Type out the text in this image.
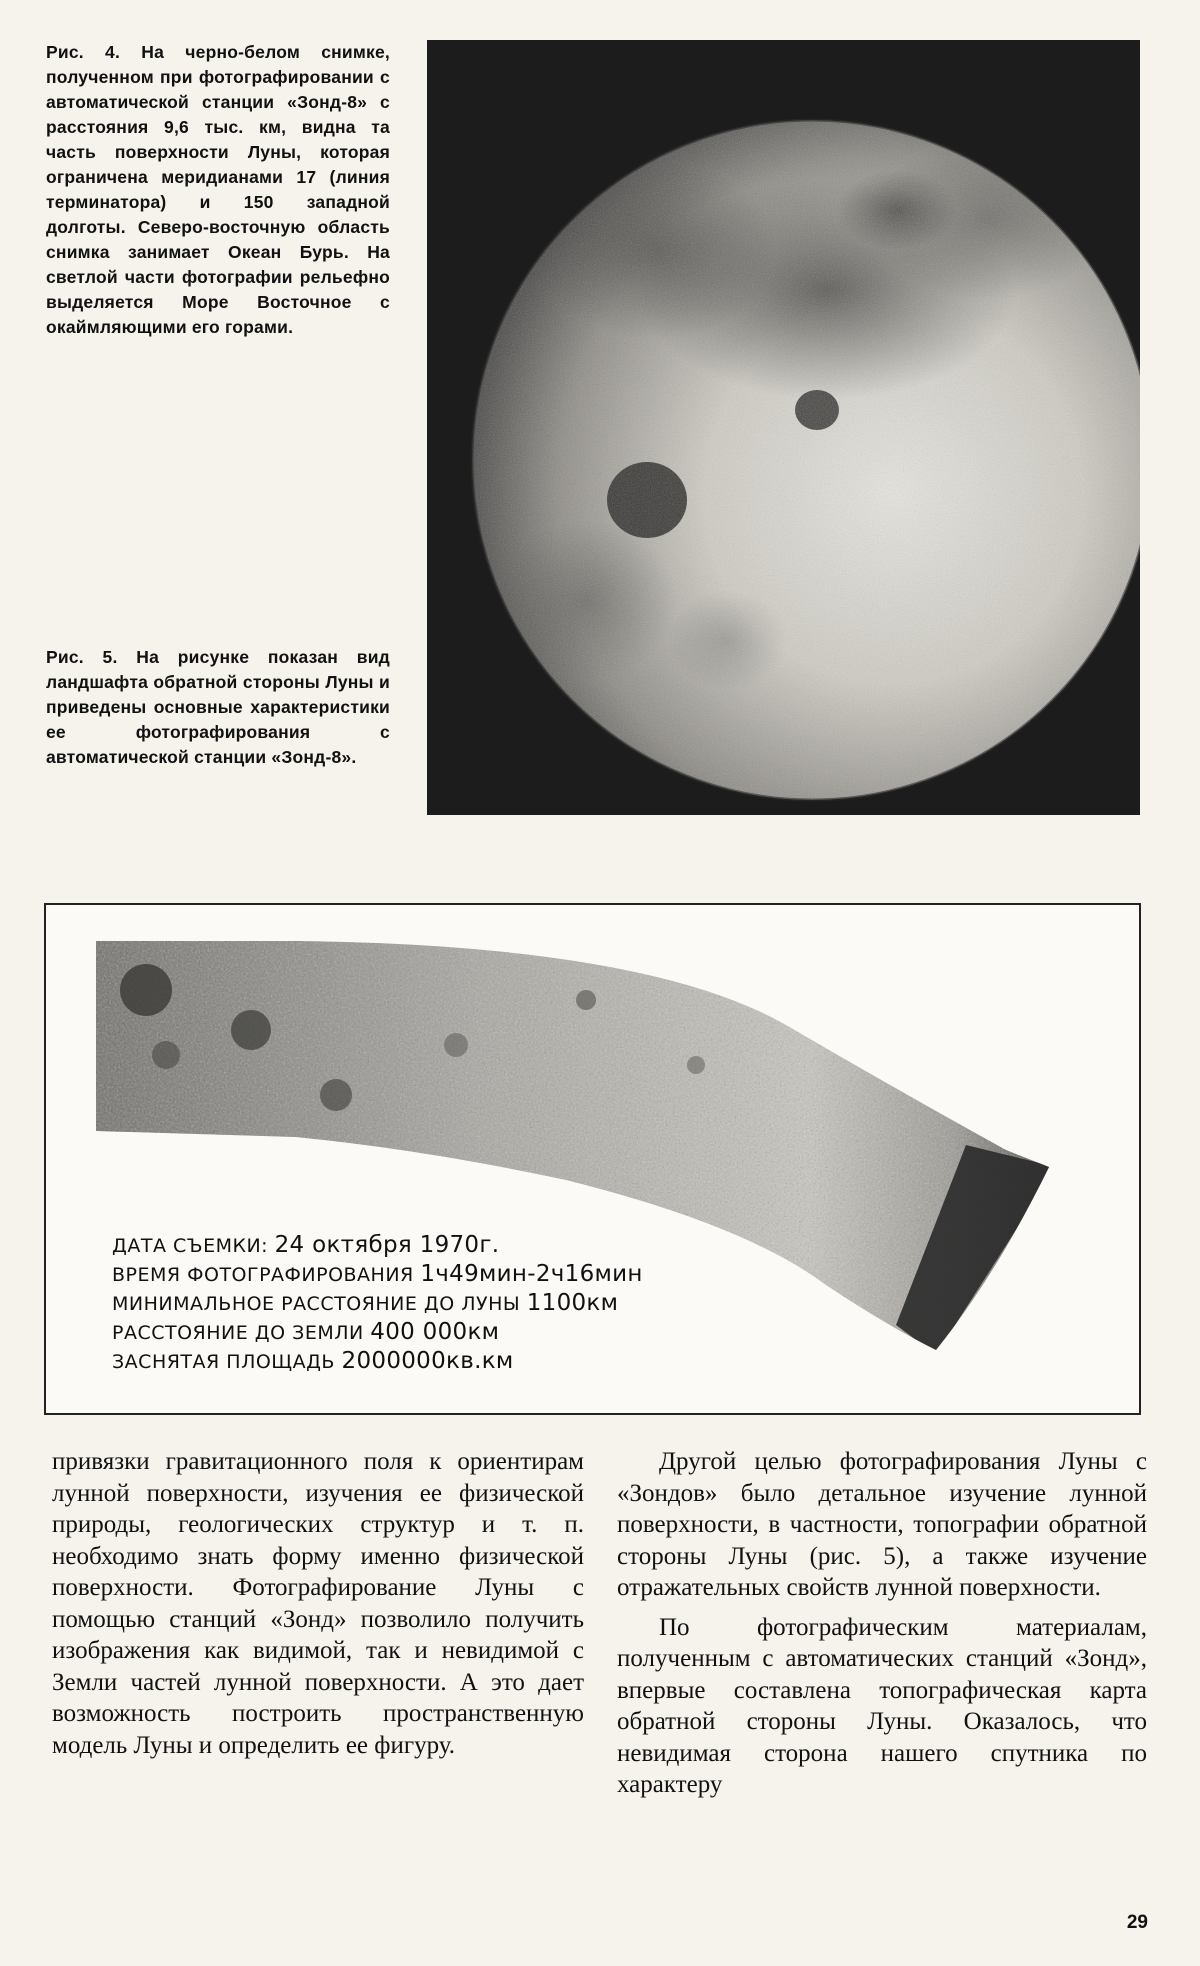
Рис. 4. На черно-белом снимке, полученном при фотографировании с автоматической станции «Зонд-8» с расстояния 9,6 тыс. км, видна та часть поверхности Луны, которая ограничена меридианами 17 (линия терминатора) и 150 западной долготы. Северо-восточную область снимка занимает Океан Бурь. На светлой части фотографии рельефно выделяется Море Восточное с окаймляющими его горами.

Рис. 5. На рисунке показан вид ландшафта обратной стороны Луны и приведены основные характеристики ее фотографирования с автоматической станции «Зонд-8».

ДАТА СЪЕМКИ: 24 октября 1970г.
ВРЕМЯ ФОТОГРАФИРОВАНИЯ 1ч49мин-2ч16мин
МИНИМАЛЬНОЕ РАССТОЯНИЕ ДО ЛУНЫ 1100км
РАССТОЯНИЕ ДО ЗЕМЛИ 400 000км
ЗАСНЯТАЯ ПЛОЩАДЬ 2000000кв.км

привязки гравитационного поля к ориентирам лунной поверхности, изучения ее физической природы, геологических структур и т. п. необходимо знать форму именно физической поверхности. Фотографирование Луны с помощью станций «Зонд» позволило получить изображения как видимой, так и невидимой с Земли частей лунной поверхности. А это дает возможность построить пространственную модель Луны и определить ее фигуру.

Другой целью фотографирования Луны с «Зондов» было детальное изучение лунной поверхности, в частности, топографии обратной стороны Луны (рис. 5), а также изучение отражательных свойств лунной поверхности.

По фотографическим материалам, полученным с автоматических станций «Зонд», впервые составлена топографическая карта обратной стороны Луны. Оказалось, что невидимая сторона нашего спутника по характеру

29
